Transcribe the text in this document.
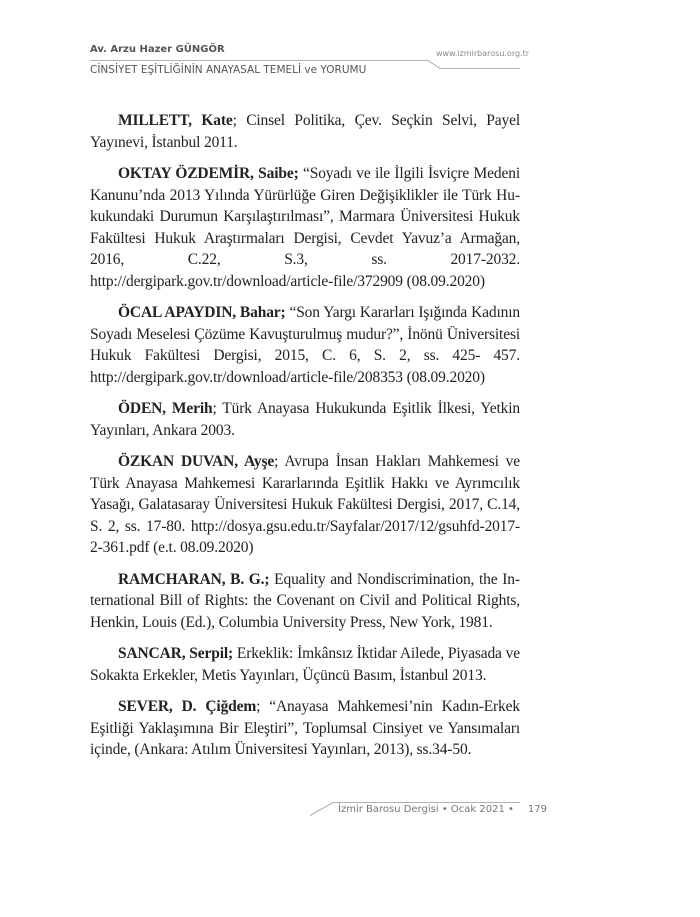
Av. Arzu Hazer GÜNGÖR
CİNSİYET EŞİTLİĞİNİN ANAYASAL TEMELİ ve YORUMU
www.izmirbarosu.org.tr

MILLETT, Kate; Cinsel Politika, Çev. Seçkin Selvi, Payel Yayınevi, İstanbul 2011.

OKTAY ÖZDEMİR, Saibe; “Soyadı ve ile İlgili İsviçre Medeni Kanunu’nda 2013 Yılında Yürürlüğe Giren Değişiklikler ile Türk Hukukundaki Durumun Karşılaştırılması”, Marmara Üniversitesi Hukuk Fakültesi Hukuk Araştırmaları Dergisi, Cevdet Yavuz’a Armağan, 2016, C.22, S.3, ss. 2017-2032. http://dergipark.gov.tr/download/article-file/372909 (08.09.2020)

ÖCAL APAYDIN, Bahar; “Son Yargı Kararları Işığında Kadının Soyadı Meselesi Çözüme Kavuşturulmuş mudur?”, İnönü Üniversitesi Hukuk Fakültesi Dergisi, 2015, C. 6, S. 2, ss. 425- 457. http://dergipark.gov.tr/download/article-file/208353 (08.09.2020)

ÖDEN, Merih; Türk Anayasa Hukukunda Eşitlik İlkesi, Yetkin Yayınları, Ankara 2003.

ÖZKAN DUVAN, Ayşe; Avrupa İnsan Hakları Mahkemesi ve Türk Anayasa Mahkemesi Kararlarında Eşitlik Hakkı ve Ayrımcılık Yasağı, Galatasaray Üniversitesi Hukuk Fakültesi Dergisi, 2017, C.14, S. 2, ss. 17-80. http://dosya.gsu.edu.tr/Sayfalar/2017/12/gsuhfd-2017-2-361.pdf (e.t. 08.09.2020)

RAMCHARAN, B. G.; Equality and Nondiscrimination, the International Bill of Rights: the Covenant on Civil and Political Rights, Henkin, Louis (Ed.), Columbia University Press, New York, 1981.

SANCAR, Serpil; Erkeklik: İmkânsız İktidar Ailede, Piyasada ve Sokakta Erkekler, Metis Yayınları, Üçüncü Basım, İstanbul 2013.

SEVER, D. Çiğdem; “Anayasa Mahkemesi’nin Kadın-Erkek Eşitliği Yaklaşımına Bir Eleştiri”, Toplumsal Cinsiyet ve Yansımaları içinde, (Ankara: Atılım Üniversitesi Yayınları, 2013), ss.34-50.

İzmir Barosu Dergisi • Ocak 2021 • 179
